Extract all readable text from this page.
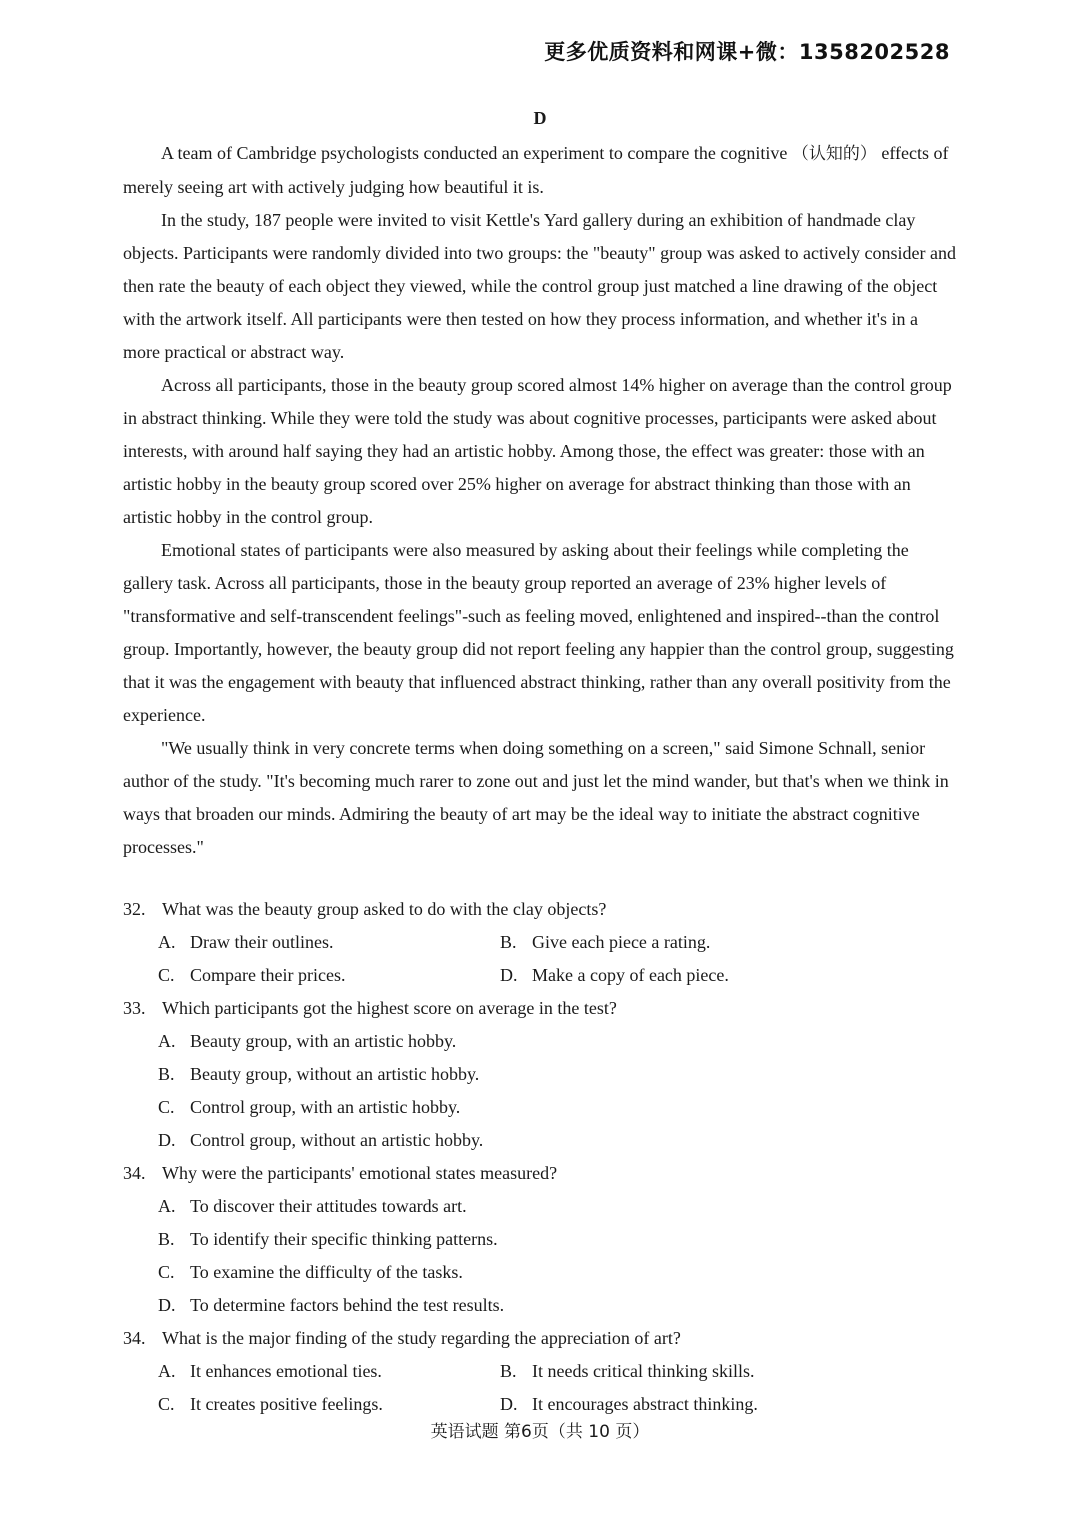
更多优质资料和网课+微：1358202528
D

A team of Cambridge psychologists conducted an experiment to compare the cognitive （认知的） effects of merely seeing art with actively judging how beautiful it is.

In the study, 187 people were invited to visit Kettle's Yard gallery during an exhibition of handmade clay objects. Participants were randomly divided into two groups: the "beauty" group was asked to actively consider and then rate the beauty of each object they viewed, while the control group just matched a line drawing of the object with the artwork itself. All participants were then tested on how they process information, and whether it's in a more practical or abstract way.

Across all participants, those in the beauty group scored almost 14% higher on average than the control group in abstract thinking. While they were told the study was about cognitive processes, participants were asked about interests, with around half saying they had an artistic hobby. Among those, the effect was greater: those with an artistic hobby in the beauty group scored over 25% higher on average for abstract thinking than those with an artistic hobby in the control group.

Emotional states of participants were also measured by asking about their feelings while completing the gallery task. Across all participants, those in the beauty group reported an average of 23% higher levels of "transformative and self-transcendent feelings"-such as feeling moved, enlightened and inspired--than the control group. Importantly, however, the beauty group did not report feeling any happier than the control group, suggesting that it was the engagement with beauty that influenced abstract thinking, rather than any overall positivity from the experience.

"We usually think in very concrete terms when doing something on a screen," said Simone Schnall, senior author of the study. "It's becoming much rarer to zone out and just let the mind wander, but that's when we think in ways that broaden our minds. Admiring the beauty of art may be the ideal way to initiate the abstract cognitive processes."

32. What was the beauty group asked to do with the clay objects?
A. Draw their outlines.	B. Give each piece a rating.
C. Compare their prices.	D. Make a copy of each piece.
33. Which participants got the highest score on average in the test?
A. Beauty group, with an artistic hobby.
B. Beauty group, without an artistic hobby.
C. Control group, with an artistic hobby.
D. Control group, without an artistic hobby.
34. Why were the participants' emotional states measured?
A. To discover their attitudes towards art.
B. To identify their specific thinking patterns.
C. To examine the difficulty of the tasks.
D. To determine factors behind the test results.
34. What is the major finding of the study regarding the appreciation of art?
A. It enhances emotional ties.	B. It needs critical thinking skills.
C. It creates positive feelings.	D. It encourages abstract thinking.
英语试题 第6页（共 10 页）
